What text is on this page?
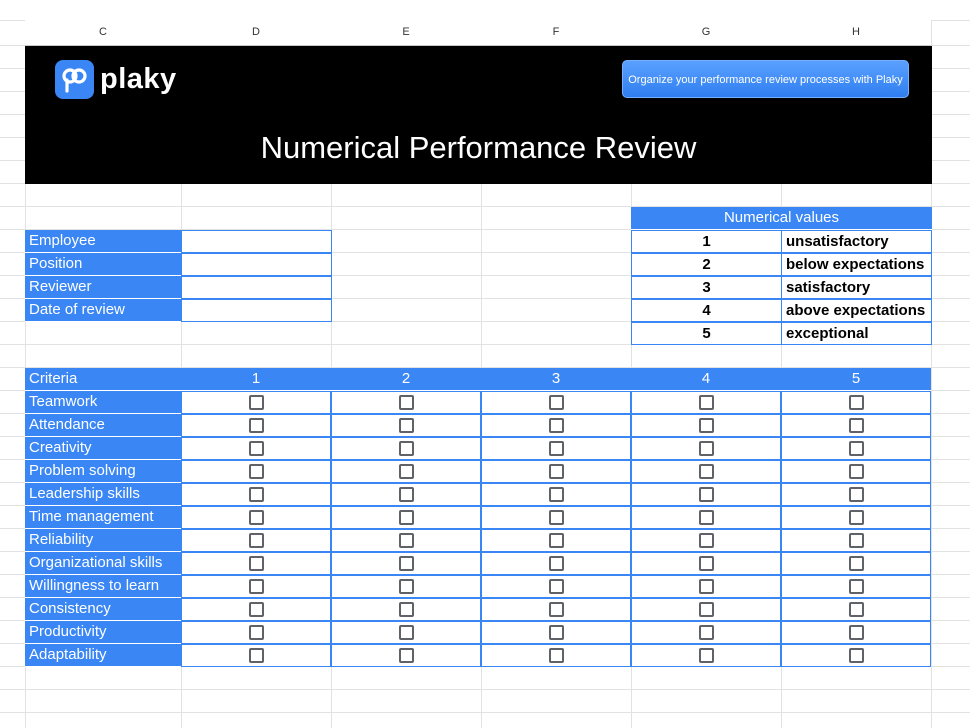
C	D	E	F	G	H
plaky	Organize your performance review processes with Plaky
Numerical Performance Review
Employee
Position
Reviewer
Date of review
Numerical values
1	unsatisfactory
2	below expectations
3	satisfactory
4	above expectations
5	exceptional
Criteria	1	2	3	4	5
Teamwork
Attendance
Creativity
Problem solving
Leadership skills
Time management
Reliability
Organizational skills
Willingness to learn
Consistency
Productivity
Adaptability
